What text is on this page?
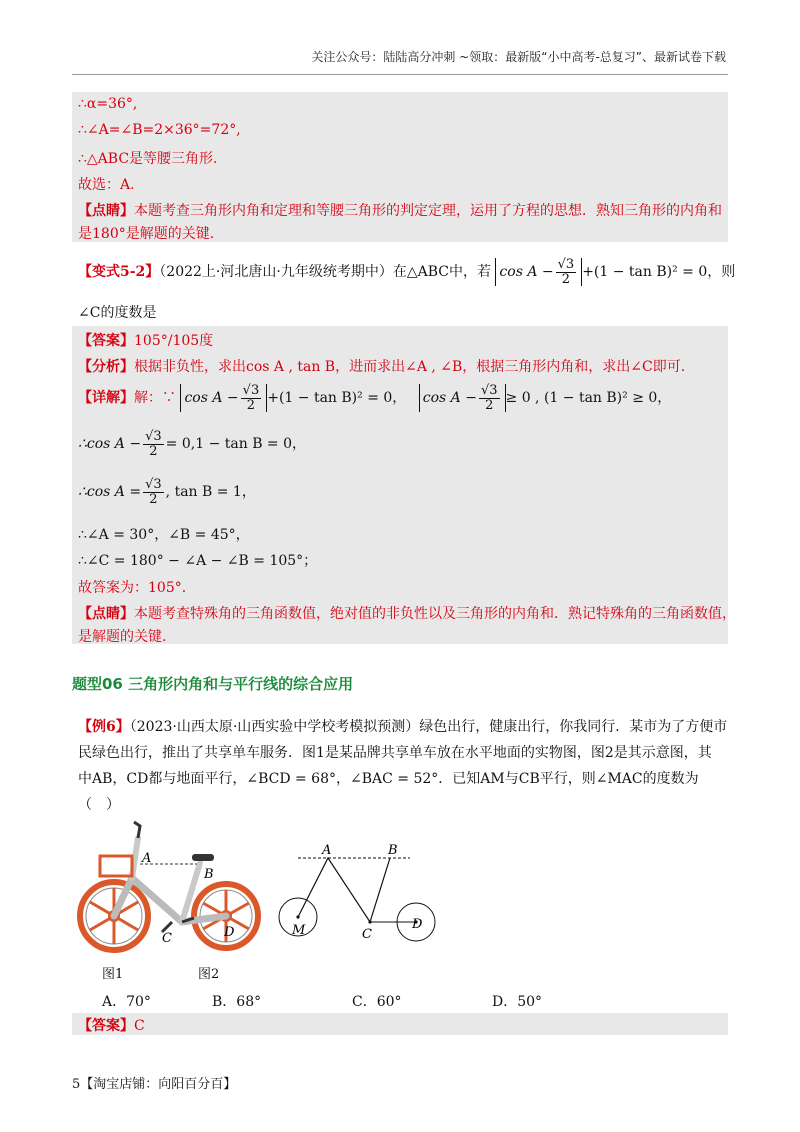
关注公众号：陆陆高分冲刺 ~领取：最新版“小中高考-总复习”、最新试卷下载
∴α=36°,
∴∠A=∠B=2×36°=72°,
∴△ABC是等腰三角形.
故选：A.
【点睛】本题考查三角形内角和定理和等腰三角形的判定定理，运用了方程的思想．熟知三角形的内角和
是180°是解题的关键.
【变式5-2】（2022上·河北唐山·九年级统考期中）在△ABC中，若 $\cos A - \frac{√3}{2} +(1 - \tan B)^2 = 0$，则
∠C的度数是
【答案】105°/105度
【分析】根据非负性，求出cos A , tan B，进而求出∠A , ∠B，根据三角形内角和，求出∠C即可.
【详解】解：∵ $\cos A - \frac{√3}{2} +(1 - \tan B)^2 = 0$， $\cos A - \frac{√3}{2} \ge 0$ , (1 − tan B)² ≥ 0，
∴cos $A - \frac{√3}{2} = 0,1 - \tan B = 0$，
∴cos $A = \frac{√3}{2}$ , tan B = 1，
∴∠A = 30°，∠B = 45°，
∴∠C = 180° − ∠A − ∠B = 105°；
故答案为：105°.
【点睛】本题考查特殊角的三角函数值，绝对值的非负性以及三角形的内角和．熟记特殊角的三角函数值，
是解题的关键.
题型06 三角形内角和与平行线的综合应用
【例6】（2023·山西太原·山西实验中学校考模拟预测）绿色出行，健康出行，你我同行．某市为了方便市
民绿色出行，推出了共享单车服务．图1是某品牌共享单车放在水平地面的实物图，图2是其示意图，其
中AB，CD都与地面平行，∠BCD = 68°，∠BAC = 52°．已知AM与CB平行，则∠MAC的度数为
（　）
A
B
C	D
A	B
C
D
M
图1	图2
A．70°	B．68°	C．60°	D．50°
【答案】C
5【淘宝店铺：向阳百分百】
